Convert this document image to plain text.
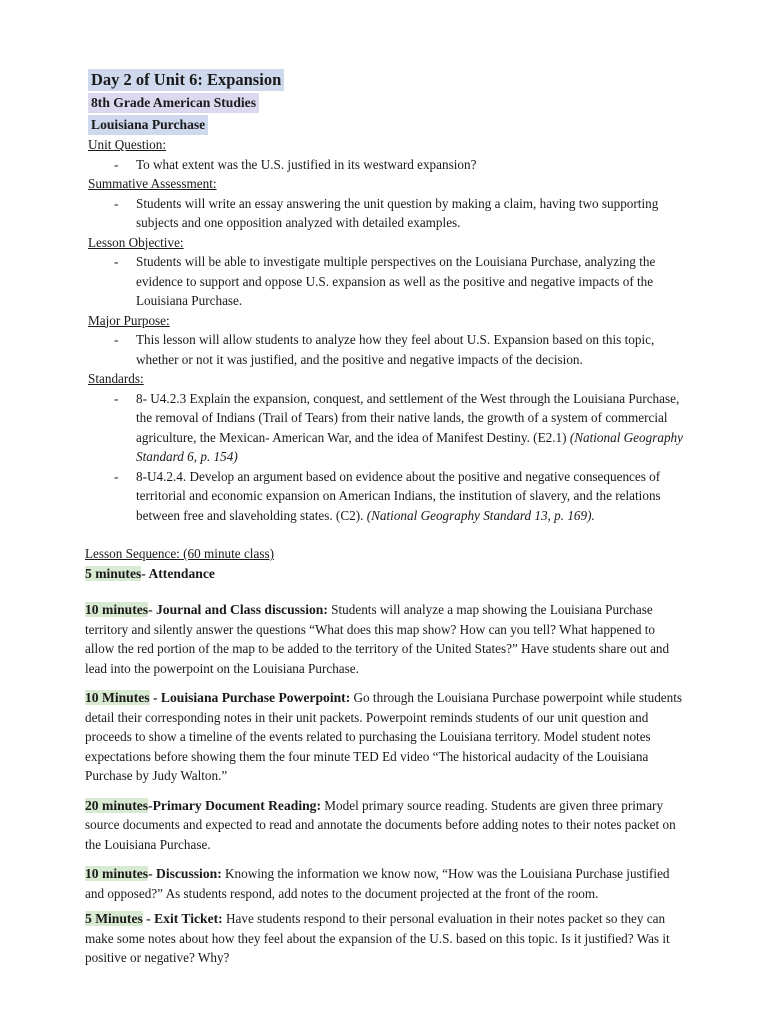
Day 2 of Unit 6: Expansion
8th Grade American Studies
Louisiana Purchase
Unit Question:
- To what extent was the U.S. justified in its westward expansion?
Summative Assessment:
- Students will write an essay answering the unit question by making a claim, having two supporting subjects and one opposition analyzed with detailed examples.
Lesson Objective:
- Students will be able to investigate multiple perspectives on the Louisiana Purchase, analyzing the evidence to support and oppose U.S. expansion as well as the positive and negative impacts of the Louisiana Purchase.
Major Purpose:
- This lesson will allow students to analyze how they feel about U.S. Expansion based on this topic, whether or not it was justified, and the positive and negative impacts of the decision.
Standards:
- 8- U4.2.3 Explain the expansion, conquest, and settlement of the West through the Louisiana Purchase, the removal of Indians (Trail of Tears) from their native lands, the growth of a system of commercial agriculture, the Mexican- American War, and the idea of Manifest Destiny. (E2.1) (National Geography Standard 6, p. 154)
- 8-U4.2.4. Develop an argument based on evidence about the positive and negative consequences of territorial and economic expansion on American Indians, the institution of slavery, and the relations between free and slaveholding states. (C2). (National Geography Standard 13, p. 169).
Lesson Sequence: (60 minute class)
5 minutes- Attendance
10 minutes- Journal and Class discussion: Students will analyze a map showing the Louisiana Purchase territory and silently answer the questions “What does this map show? How can you tell? What happened to allow the red portion of the map to be added to the territory of the United States?” Have students share out and lead into the powerpoint on the Louisiana Purchase.
10 Minutes - Louisiana Purchase Powerpoint: Go through the Louisiana Purchase powerpoint while students detail their corresponding notes in their unit packets. Powerpoint reminds students of our unit question and proceeds to show a timeline of the events related to purchasing the Louisiana territory. Model student notes expectations before showing them the four minute TED Ed video “The historical audacity of the Louisiana Purchase by Judy Walton.”
20 minutes-Primary Document Reading: Model primary source reading. Students are given three primary source documents and expected to read and annotate the documents before adding notes to their notes packet on the Louisiana Purchase.
10 minutes- Discussion: Knowing the information we know now, “How was the Louisiana Purchase justified and opposed?” As students respond, add notes to the document projected at the front of the room.
5 Minutes - Exit Ticket: Have students respond to their personal evaluation in their notes packet so they can make some notes about how they feel about the expansion of the U.S. based on this topic. Is it justified? Was it positive or negative? Why?
